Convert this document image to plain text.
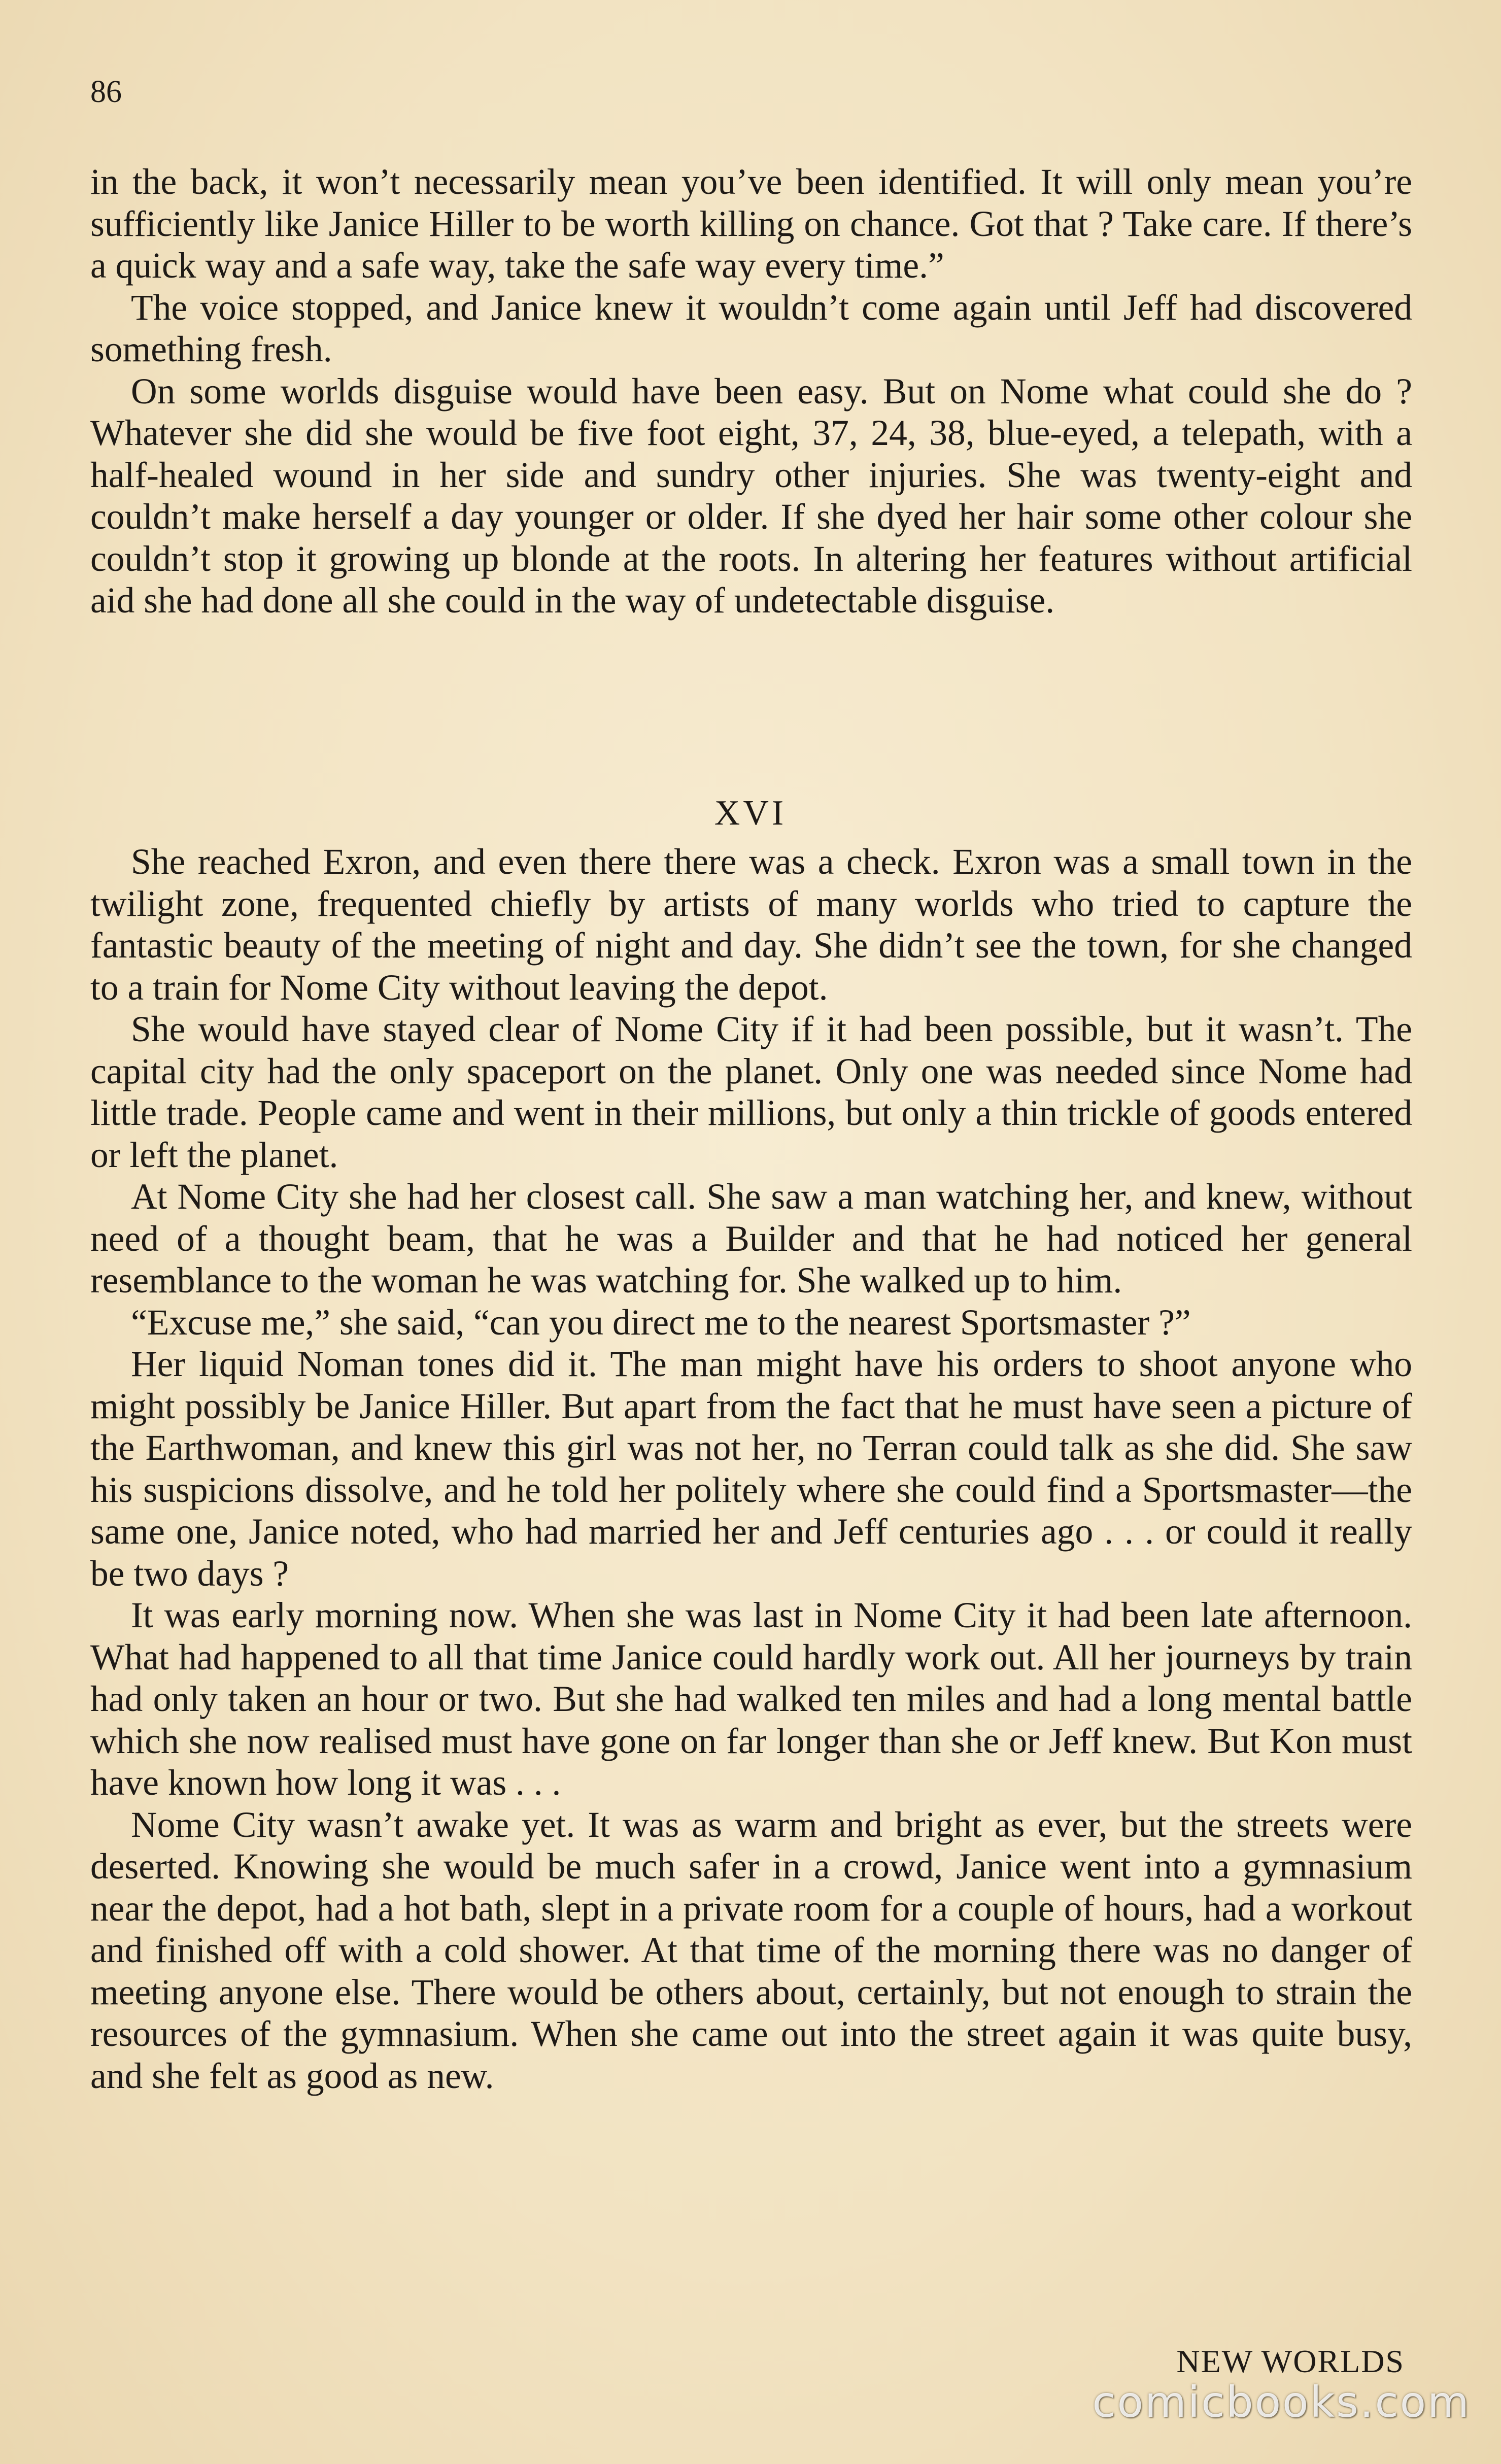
86

in the back, it won’t necessarily mean you’ve been identified. It will only mean you’re sufficiently like Janice Hiller to be worth killing on chance. Got that ? Take care. If there’s a quick way and a safe way, take the safe way every time.”

The voice stopped, and Janice knew it wouldn’t come again until Jeff had discovered something fresh.

On some worlds disguise would have been easy. But on Nome what could she do ? Whatever she did she would be five foot eight, 37, 24, 38, blue-eyed, a telepath, with a half-healed wound in her side and sundry other injuries. She was twenty-eight and couldn’t make herself a day younger or older. If she dyed her hair some other colour she couldn’t stop it growing up blonde at the roots. In altering her features without artificial aid she had done all she could in the way of undetectable disguise.

XVI

She reached Exron, and even there there was a check. Exron was a small town in the twilight zone, frequented chiefly by artists of many worlds who tried to capture the fantastic beauty of the meeting of night and day. She didn’t see the town, for she changed to a train for Nome City without leaving the depot.

She would have stayed clear of Nome City if it had been possible, but it wasn’t. The capital city had the only spaceport on the planet. Only one was needed since Nome had little trade. People came and went in their millions, but only a thin trickle of goods entered or left the planet.

At Nome City she had her closest call. She saw a man watching her, and knew, without need of a thought beam, that he was a Builder and that he had noticed her general resemblance to the woman he was watching for. She walked up to him.

“Excuse me,” she said, “can you direct me to the nearest Sportsmaster ?”

Her liquid Noman tones did it. The man might have his orders to shoot anyone who might possibly be Janice Hiller. But apart from the fact that he must have seen a picture of the Earthwoman, and knew this girl was not her, no Terran could talk as she did. She saw his suspicions dissolve, and he told her politely where she could find a Sportsmaster—the same one, Janice noted, who had married her and Jeff centuries ago . . . or could it really be two days ?

It was early morning now. When she was last in Nome City it had been late afternoon. What had happened to all that time Janice could hardly work out. All her journeys by train had only taken an hour or two. But she had walked ten miles and had a long mental battle which she now realised must have gone on far longer than she or Jeff knew. But Kon must have known how long it was . . .

Nome City wasn’t awake yet. It was as warm and bright as ever, but the streets were deserted. Knowing she would be much safer in a crowd, Janice went into a gymnasium near the depot, had a hot bath, slept in a private room for a couple of hours, had a workout and finished off with a cold shower. At that time of the morning there was no danger of meeting anyone else. There would be others about, certainly, but not enough to strain the resources of the gymnasium. When she came out into the street again it was quite busy, and she felt as good as new.

NEW WORLDS
comicbooks.com
